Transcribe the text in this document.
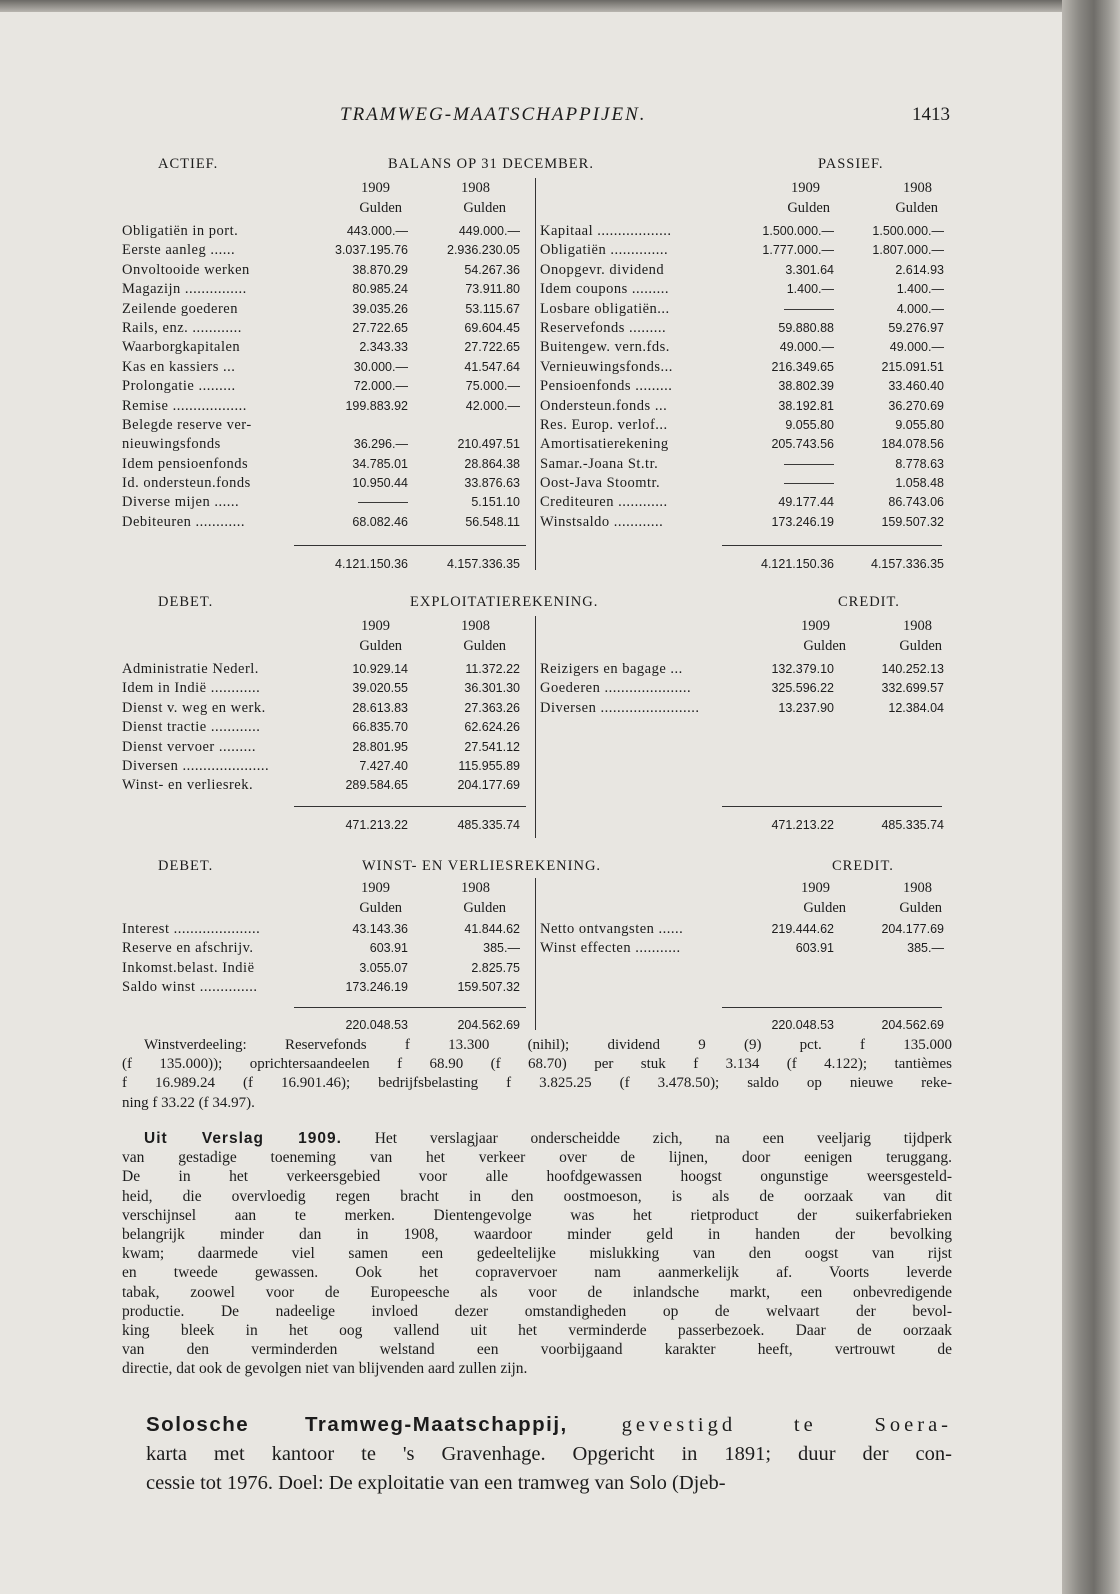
TRAMWEG-MAATSCHAPPIJEN.	1413
ACTIEF.	BALANS OP 31 DECEMBER.	PASSIEF.
1909	1908
Gulden	Gulden
1909	1908
Gulden	Gulden
Obligatiën in port.	443.000.—	449.000.—
Eerste aanleg ......	3.037.195.76	2.936.230.05
Onvoltooide werken	38.870.29	54.267.36
Magazijn ...............	80.985.24	73.911.80
Zeilende goederen	39.035.26	53.115.67
Rails, enz. ............	27.722.65	69.604.45
Waarborgkapitalen	2.343.33	27.722.65
Kas en kassiers ...	30.000.—	41.547.64
Prolongatie .........	72.000.—	75.000.—
Remise ..................	199.883.92	42.000.—
Belegde reserve ver-
nieuwingsfonds	36.296.—	210.497.51
Idem pensioenfonds	34.785.01	28.864.38
Id. ondersteun.fonds	10.950.44	33.876.63
Diverse mijen ......	————	5.151.10
Debiteuren ............	68.082.46	56.548.11
Kapitaal ..................	1.500.000.—	1.500.000.—
Obligatiën ..............	1.777.000.—	1.807.000.—
Onopgevr. dividend	3.301.64	2.614.93
Idem coupons .........	1.400.—	1.400.—
Losbare obligatiën...	————	4.000.—
Reservefonds .........	59.880.88	59.276.97
Buitengew. vern.fds.	49.000.—	49.000.—
Vernieuwingsfonds...	216.349.65	215.091.51
Pensioenfonds .........	38.802.39	33.460.40
Ondersteun.fonds ...	38.192.81	36.270.69
Res. Europ. verlof...	9.055.80	9.055.80
Amortisatierekening	205.743.56	184.078.56
Samar.-Joana St.tr.	————	8.778.63
Oost-Java Stoomtr.	————	1.058.48
Crediteuren ............	49.177.44	86.743.06
Winstsaldo ............	173.246.19	159.507.32
4.121.150.36	4.157.336.35	4.121.150.36	4.157.336.35
DEBET.	EXPLOITATIEREKENING.	CREDIT.
1909	1908
Gulden	Gulden
1909	1908
Gulden	Gulden
Administratie Nederl.	10.929.14	11.372.22
Idem in Indië ............	39.020.55	36.301.30
Dienst v. weg en werk.	28.613.83	27.363.26
Dienst tractie ............	66.835.70	62.624.26
Dienst vervoer .........	28.801.95	27.541.12
Diversen .....................	7.427.40	115.955.89
Winst- en verliesrek.	289.584.65	204.177.69
Reizigers en bagage ...	132.379.10	140.252.13
Goederen .....................	325.596.22	332.699.57
Diversen ........................	13.237.90	12.384.04
471.213.22	485.335.74	471.213.22	485.335.74
DEBET.	WINST- EN VERLIESREKENING.	CREDIT.
1909	1908
Gulden	Gulden
1909	1908
Gulden	Gulden
Interest .....................	43.143.36	41.844.62
Reserve en afschrijv.	603.91	385.—
Inkomst.belast. Indië	3.055.07	2.825.75
Saldo winst ..............	173.246.19	159.507.32
Netto ontvangsten ......	219.444.62	204.177.69
Winst effecten ...........	603.91	385.—
220.048.53	204.562.69	220.048.53	204.562.69
Winstverdeeling: Reservefonds f 13.300 (nihil); dividend 9 (9) pct. f 135.000
(f 135.000)); oprichtersaandeelen f 68.90 (f 68.70) per stuk f 3.134 (f 4.122); tantièmes
f 16.989.24 (f 16.901.46); bedrijfsbelasting f 3.825.25 (f 3.478.50); saldo op nieuwe reke-
ning f 33.22 (f 34.97).
Uit Verslag 1909. Het verslagjaar onderscheidde zich, na een veeljarig tijdperk
van gestadige toeneming van het verkeer over de lijnen, door eenigen teruggang.
De in het verkeersgebied voor alle hoofdgewassen hoogst ongunstige weersgesteld-
heid, die overvloedig regen bracht in den oostmoeson, is als de oorzaak van dit
verschijnsel aan te merken. Dientengevolge was het rietproduct der suikerfabrieken
belangrijk minder dan in 1908, waardoor minder geld in handen der bevolking
kwam; daarmede viel samen een gedeeltelijke mislukking van den oogst van rijst
en tweede gewassen. Ook het copravervoer nam aanmerkelijk af. Voorts leverde
tabak, zoowel voor de Europeesche als voor de inlandsche markt, een onbevredigende
productie. De nadeelige invloed dezer omstandigheden op de welvaart der bevol-
king bleek in het oog vallend uit het verminderde passerbezoek. Daar de oorzaak
van den verminderden welstand een voorbijgaand karakter heeft, vertrouwt de
directie, dat ook de gevolgen niet van blijvenden aard zullen zijn.
Solosche Tramweg-Maatschappij,	gevestigd te Soera-
karta met kantoor te 's Gravenhage. Opgericht in 1891; duur der con-
cessie tot 1976. Doel: De exploitatie van een tramweg van Solo (Djeb-
